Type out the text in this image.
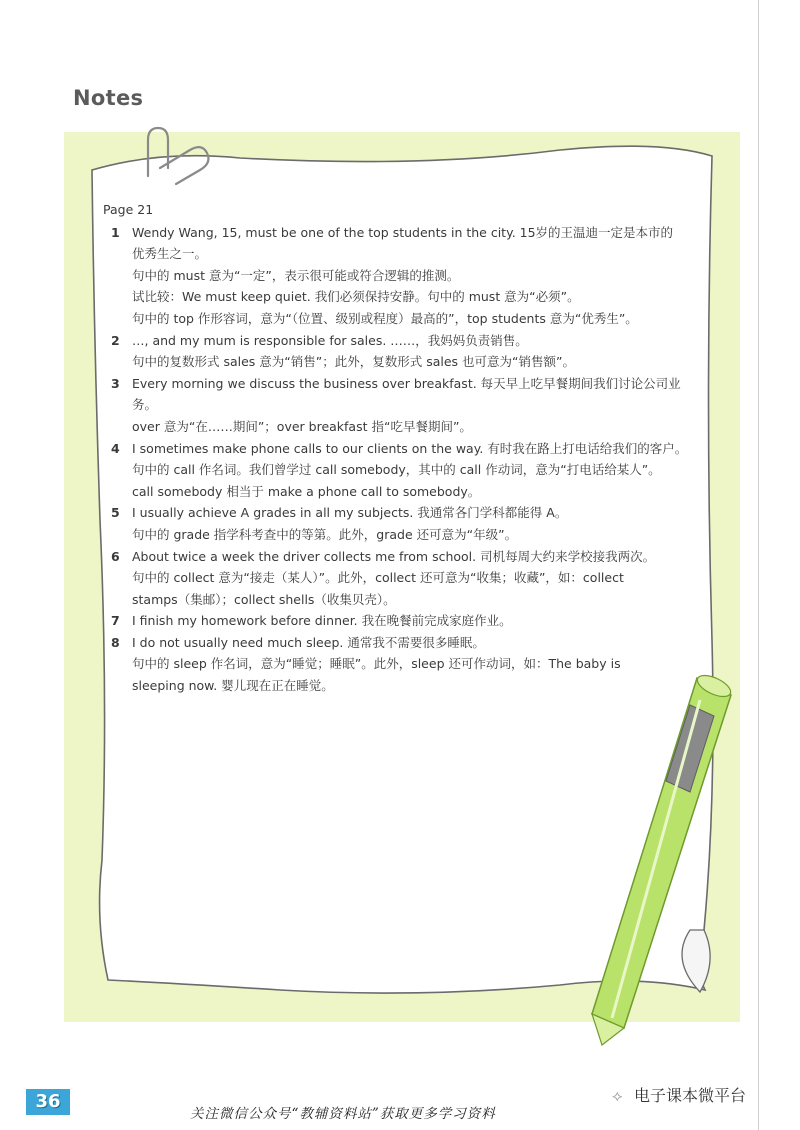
Notes
Page 21
1 Wendy Wang, 15, must be one of the top students in the city. 15岁的王温迪一定是本市的
优秀生之一。
句中的 must 意为“一定”，表示很可能或符合逻辑的推测。
试比较：We must keep quiet. 我们必须保持安静。句中的 must 意为“必须”。
句中的 top 作形容词，意为“（位置、级别或程度）最高的”，top students 意为“优秀生”。
2 …, and my mum is responsible for sales. ……，我妈妈负责销售。
句中的复数形式 sales 意为“销售”；此外，复数形式 sales 也可意为“销售额”。
3 Every morning we discuss the business over breakfast. 每天早上吃早餐期间我们讨论公司业
务。
over 意为“在……期间”；over breakfast 指“吃早餐期间”。
4 I sometimes make phone calls to our clients on the way. 有时我在路上打电话给我们的客户。
句中的 call 作名词。我们曾学过 call somebody，其中的 call 作动词，意为“打电话给某人”。
call somebody 相当于 make a phone call to somebody。
5 I usually achieve A grades in all my subjects. 我通常各门学科都能得 A。
句中的 grade 指学科考查中的等第。此外，grade 还可意为“年级”。
6 About twice a week the driver collects me from school. 司机每周大约来学校接我两次。
句中的 collect 意为“接走（某人）”。此外，collect 还可意为“收集；收藏”，如：collect
stamps（集邮）；collect shells（收集贝壳）。
7 I finish my homework before dinner. 我在晚餐前完成家庭作业。
8 I do not usually need much sleep. 通常我不需要很多睡眠。
句中的 sleep 作名词，意为“睡觉；睡眠”。此外，sleep 还可作动词，如：The baby is
sleeping now. 婴儿现在正在睡觉。
36	⟡ 电子课本微平台
关注微信公众号“教辅资料站”获取更多学习资料
